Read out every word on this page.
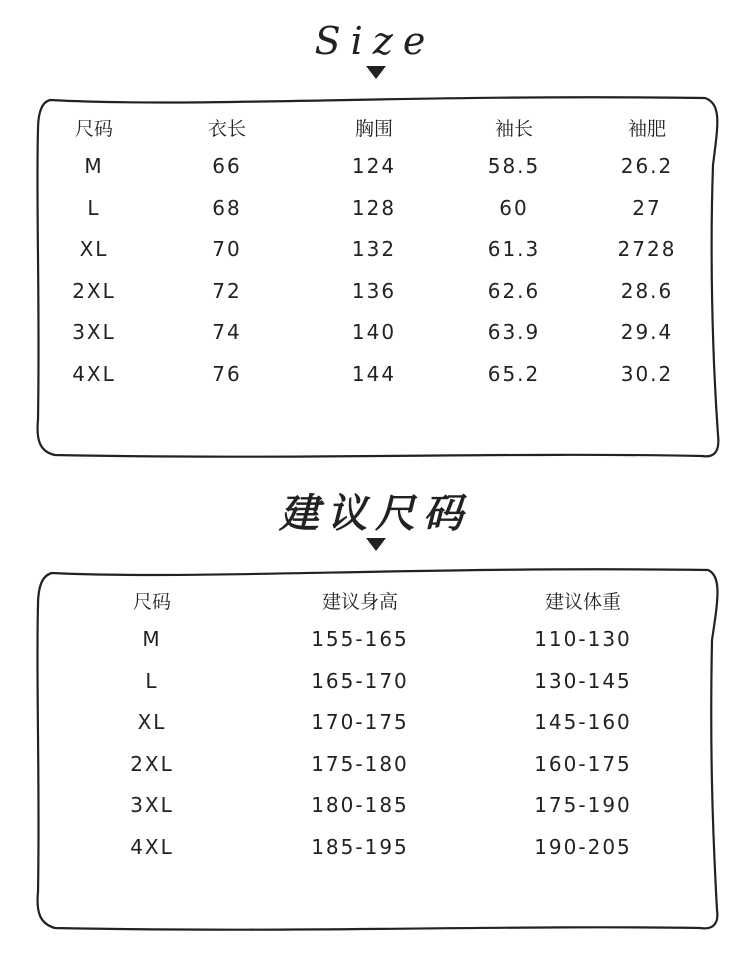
Size
尺码	衣长	胸围	袖长	袖肥
M	66	124	58.5	26.2
L	68	128	60	27
XL	70	132	61.3	2728
2XL	72	136	62.6	28.6
3XL	74	140	63.9	29.4
4XL	76	144	65.2	30.2
建议尺码
尺码	建议身高	建议体重
M	155-165	110-130
L	165-170	130-145
XL	170-175	145-160
2XL	175-180	160-175
3XL	180-185	175-190
4XL	185-195	190-205
